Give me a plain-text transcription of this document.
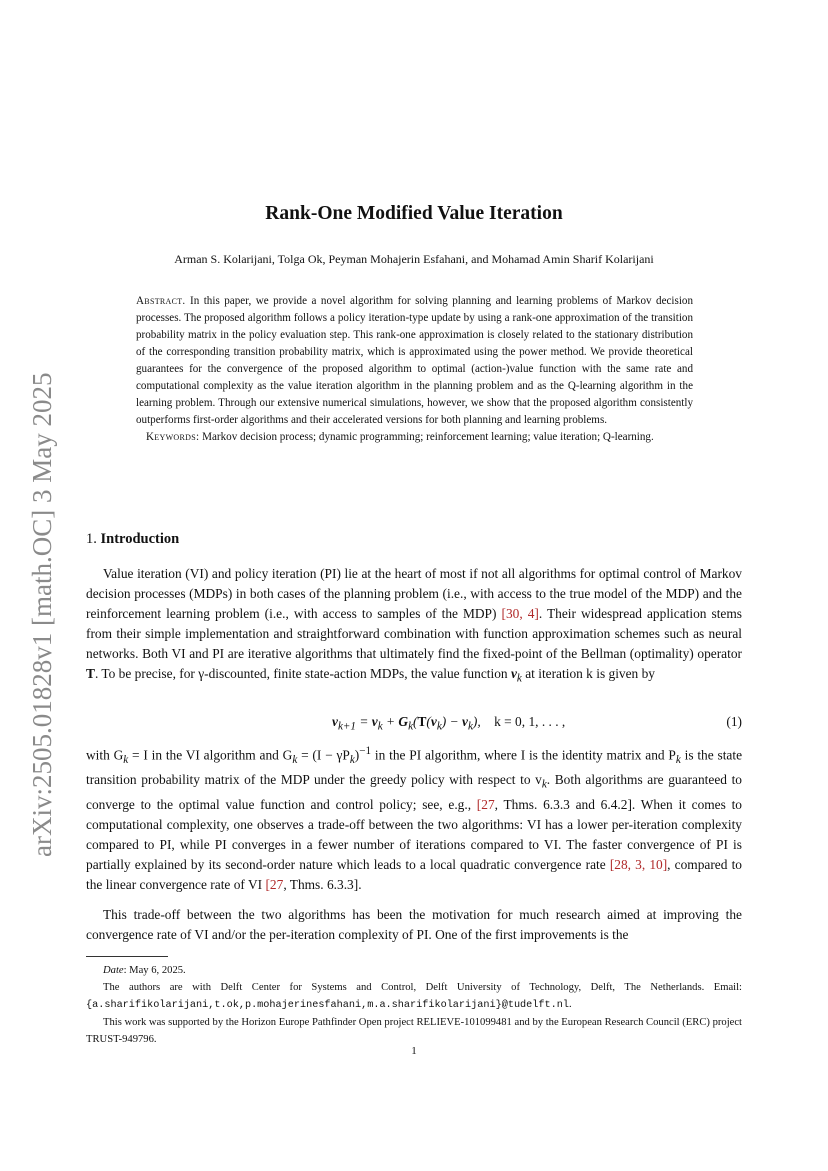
arXiv:2505.01828v1 [math.OC] 3 May 2025
Rank-One Modified Value Iteration
Arman S. Kolarijani, Tolga Ok, Peyman Mohajerin Esfahani, and Mohamad Amin Sharif Kolarijani
Abstract. In this paper, we provide a novel algorithm for solving planning and learning problems of Markov decision processes. The proposed algorithm follows a policy iteration-type update by using a rank-one approximation of the transition probability matrix in the policy evaluation step. This rank-one approximation is closely related to the stationary distribution of the corresponding transition probability matrix, which is approximated using the power method. We provide theoretical guarantees for the convergence of the proposed algorithm to optimal (action-)value function with the same rate and computational complexity as the value iteration algorithm in the planning problem and as the Q-learning algorithm in the learning problem. Through our extensive numerical simulations, however, we show that the proposed algorithm consistently outperforms first-order algorithms and their accelerated versions for both planning and learning problems.
Keywords: Markov decision process; dynamic programming; reinforcement learning; value iteration; Q-learning.
1. Introduction

Value iteration (VI) and policy iteration (PI) lie at the heart of most if not all algorithms for optimal control of Markov decision processes (MDPs) in both cases of the planning problem (i.e., with access to the true model of the MDP) and the reinforcement learning problem (i.e., with access to samples of the MDP) [30, 4]. Their widespread application stems from their simple implementation and straightforward combination with function approximation schemes such as neural networks. Both VI and PI are iterative algorithms that ultimately find the fixed-point of the Bellman (optimality) operator T. To be precise, for γ-discounted, finite state-action MDPs, the value function $v_k$ at iteration k is given by

$v_{k+1} = v_k + G_k(T(v_k) - v_k)$,    k = 0, 1, . . . ,	(1)

with $G_k = I$ in the VI algorithm and $G_k = (I - \gamma P_k)^{-1}$ in the PI algorithm, where I is the identity matrix and $P_k$ is the state transition probability matrix of the MDP under the greedy policy with respect to $v_k$. Both algorithms are guaranteed to converge to the optimal value function and control policy; see, e.g., [27, Thms. 6.3.3 and 6.4.2]. When it comes to computational complexity, one observes a trade-off between the two algorithms: VI has a lower per-iteration complexity compared to PI, while PI converges in a fewer number of iterations compared to VI. The faster convergence of PI is partially explained by its second-order nature which leads to a local quadratic convergence rate [28, 3, 10], compared to the linear convergence rate of VI [27, Thms. 6.3.3].

This trade-off between the two algorithms has been the motivation for much research aimed at improving the convergence rate of VI and/or the per-iteration complexity of PI. One of the first improvements is the

Date: May 6, 2025.
The authors are with Delft Center for Systems and Control, Delft University of Technology, Delft, The Netherlands. Email: {a.sharifikolarijani,t.ok,p.mohajerinesfahani,m.a.sharifikolarijani}@tudelft.nl.
This work was supported by the Horizon Europe Pathfinder Open project RELIEVE-101099481 and by the European Research Council (ERC) project TRUST-949796.
1
